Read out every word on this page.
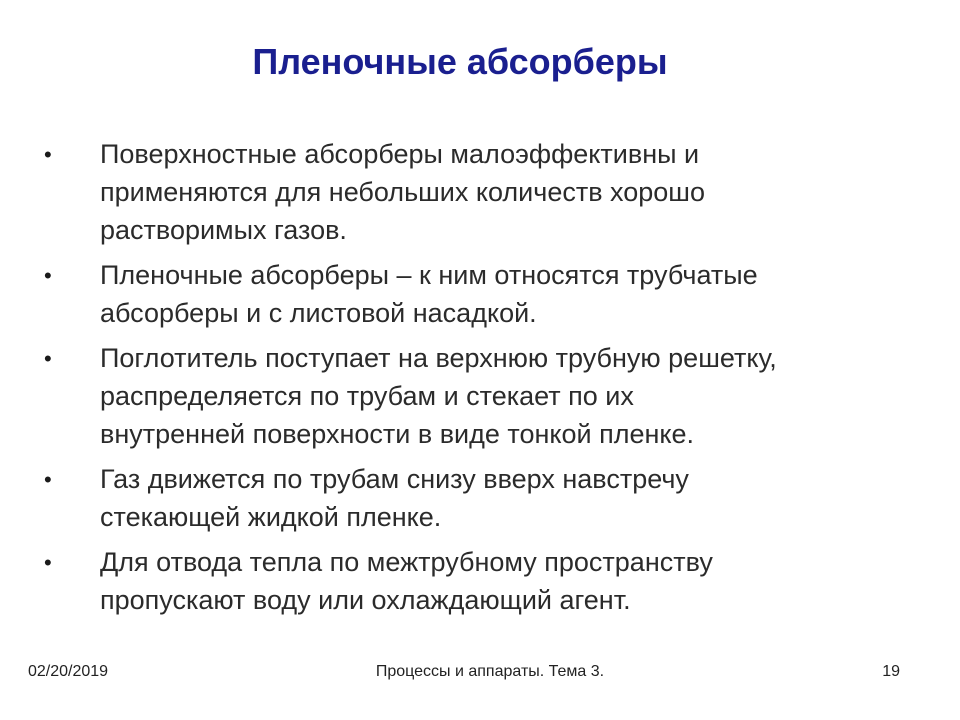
Пленочные абсорберы
• Поверхностные абсорберы малоэффективны и
применяются для небольших количеств хорошо
растворимых газов.
• Пленочные абсорберы – к ним относятся трубчатые
абсорберы и с листовой насадкой.
• Поглотитель поступает на верхнюю трубную решетку,
распределяется по трубам и стекает по их
внутренней поверхности в виде тонкой пленке.
• Газ движется по трубам снизу вверх навстречу
стекающей жидкой пленке.
• Для отвода тепла по межтрубному пространству
пропускают воду или охлаждающий агент.
02/20/2019	Процессы и аппараты. Тема 3.	19
